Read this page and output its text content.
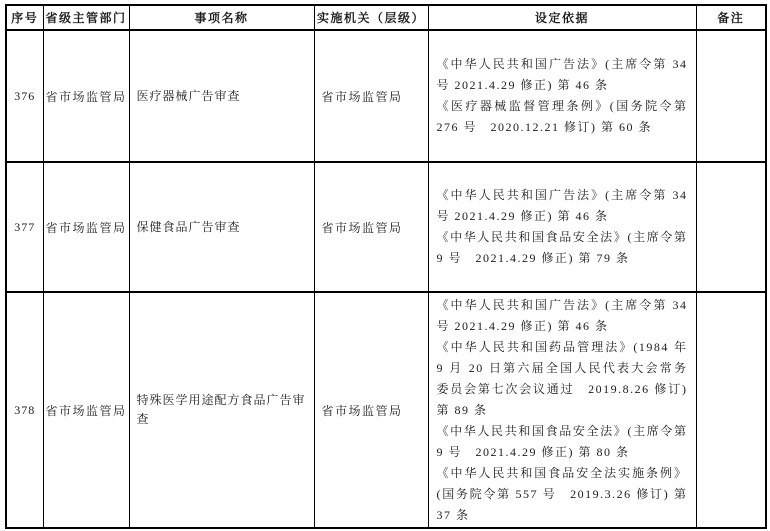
序号	省级主管部门	事项名称	实施机关（层级）	设定依据	备注
376	省市场监管局	医疗器械广告审查	省市场监管局	《中华人民共和国广告法》(主席令第 34 号 2021.4.29 修正) 第 46 条

《医疗器械监督管理条例》(国务院令第 276 号　2020.12.21 修订) 第 60 条	

377	省市场监管局	保健食品广告审查	省市场监管局	《中华人民共和国广告法》(主席令第 34 号 2021.4.29 修正) 第 46 条

《中华人民共和国食品安全法》(主席令第 9 号　2021.4.29 修正) 第 79 条	

378	省市场监管局	特殊医学用途配方食品广告审查	省市场监管局	《中华人民共和国广告法》(主席令第 34 号 2021.4.29 修正) 第 46 条

《中华人民共和国药品管理法》(1984 年 9 月 20 日第六届全国人民代表大会常务委员会第七次会议通过　2019.8.26 修订) 第 89 条

《中华人民共和国食品安全法》(主席令第 9 号　2021.4.29 修正) 第 80 条

《中华人民共和国食品安全法实施条例》(国务院令第 557 号　2019.3.26 修订) 第 37 条	
